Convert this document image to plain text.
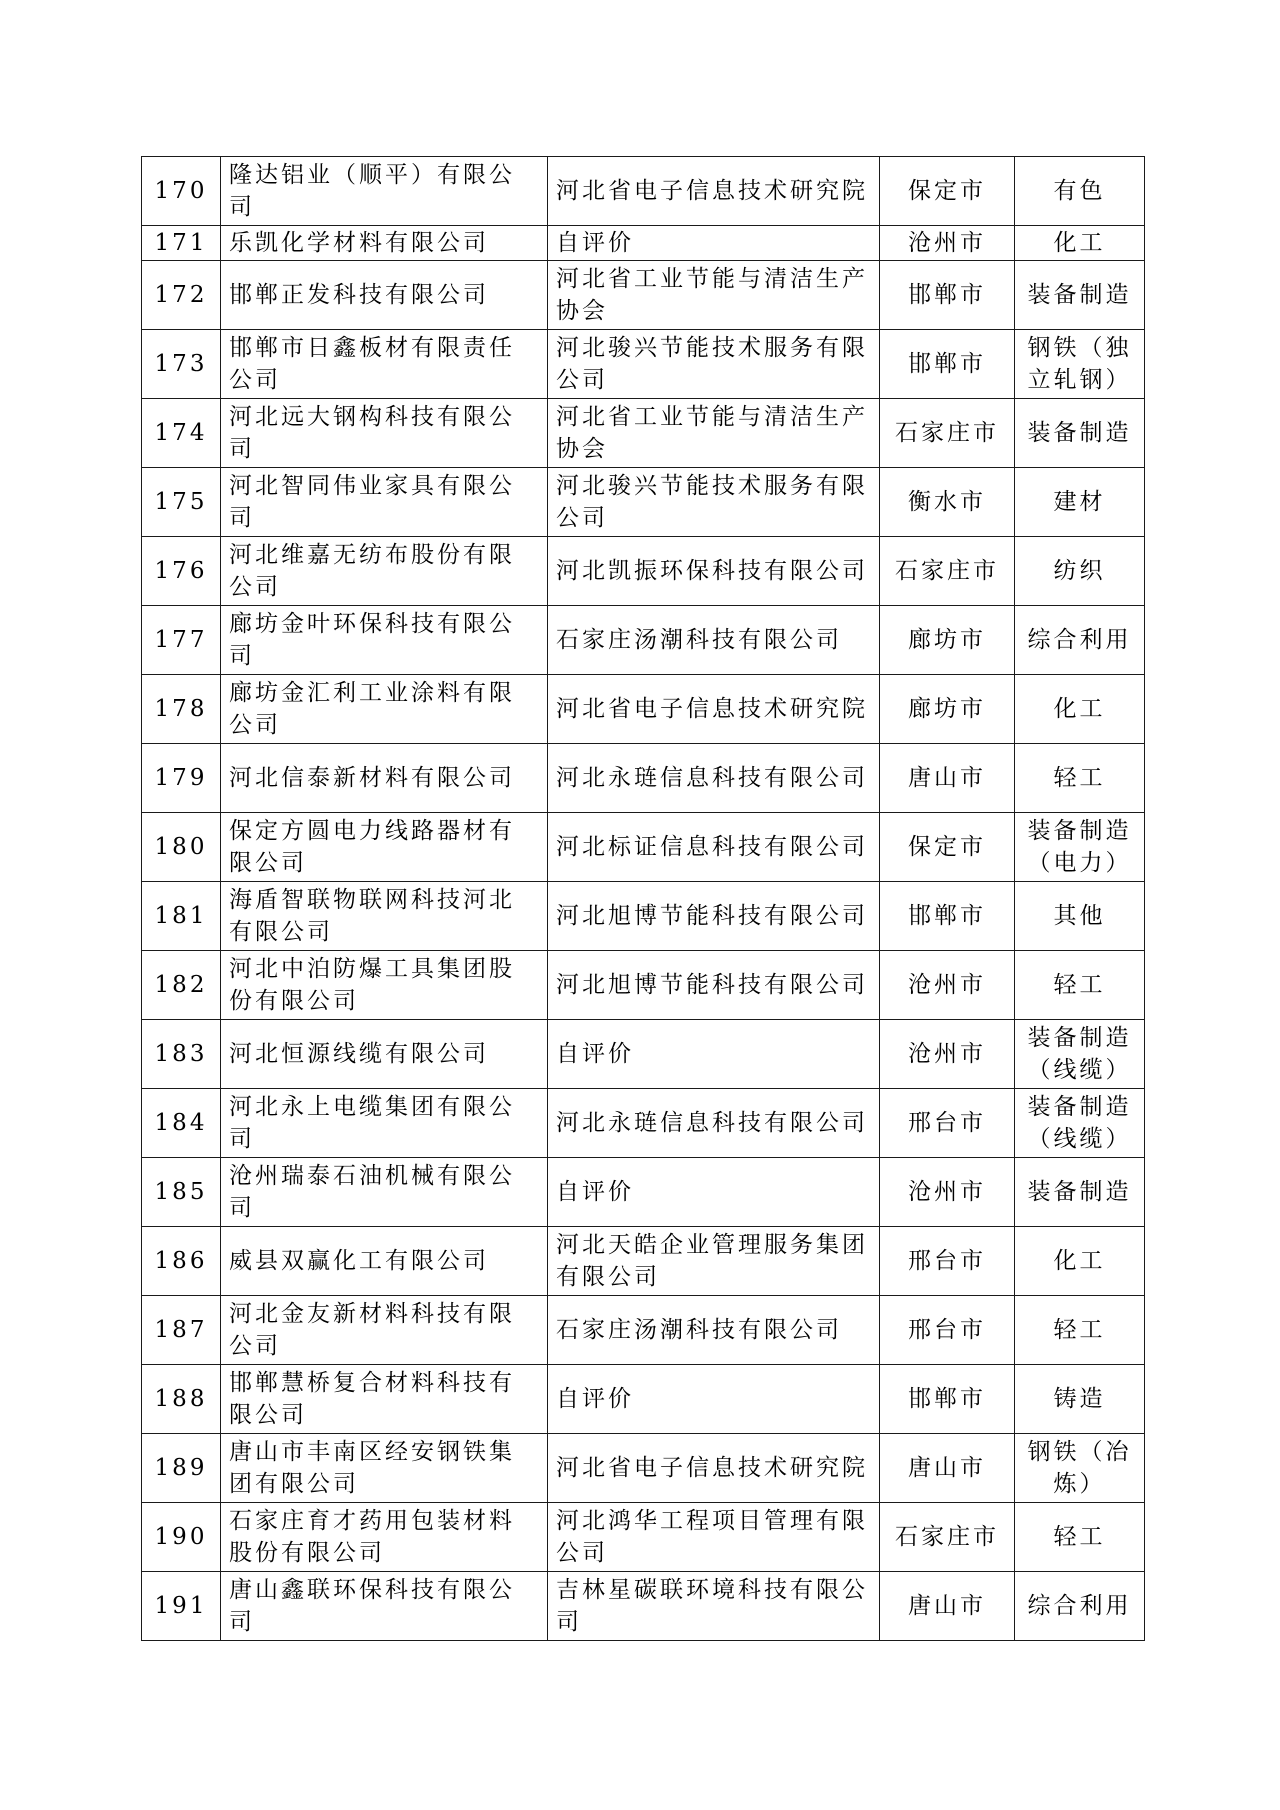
170	隆达铝业（顺平）有限公司	河北省电子信息技术研究院	保定市	有色
171	乐凯化学材料有限公司	自评价	沧州市	化工
172	邯郸正发科技有限公司	河北省工业节能与清洁生产协会	邯郸市	装备制造
173	邯郸市日鑫板材有限责任公司	河北骏兴节能技术服务有限公司	邯郸市	钢铁（独立轧钢）
174	河北远大钢构科技有限公司	河北省工业节能与清洁生产协会	石家庄市	装备制造
175	河北智同伟业家具有限公司	河北骏兴节能技术服务有限公司	衡水市	建材
176	河北维嘉无纺布股份有限公司	河北凯振环保科技有限公司	石家庄市	纺织
177	廊坊金叶环保科技有限公司	石家庄汤潮科技有限公司	廊坊市	综合利用
178	廊坊金汇利工业涂料有限公司	河北省电子信息技术研究院	廊坊市	化工
179	河北信泰新材料有限公司	河北永琏信息科技有限公司	唐山市	轻工
180	保定方圆电力线路器材有限公司	河北标证信息科技有限公司	保定市	装备制造（电力）
181	海盾智联物联网科技河北有限公司	河北旭博节能科技有限公司	邯郸市	其他
182	河北中泊防爆工具集团股份有限公司	河北旭博节能科技有限公司	沧州市	轻工
183	河北恒源线缆有限公司	自评价	沧州市	装备制造（线缆）
184	河北永上电缆集团有限公司	河北永琏信息科技有限公司	邢台市	装备制造（线缆）
185	沧州瑞泰石油机械有限公司	自评价	沧州市	装备制造
186	威县双赢化工有限公司	河北天皓企业管理服务集团有限公司	邢台市	化工
187	河北金友新材料科技有限公司	石家庄汤潮科技有限公司	邢台市	轻工
188	邯郸慧桥复合材料科技有限公司	自评价	邯郸市	铸造
189	唐山市丰南区经安钢铁集团有限公司	河北省电子信息技术研究院	唐山市	钢铁（冶炼）
190	石家庄育才药用包装材料股份有限公司	河北鸿华工程项目管理有限公司	石家庄市	轻工
191	唐山鑫联环保科技有限公司	吉林星碳联环境科技有限公司	唐山市	综合利用
